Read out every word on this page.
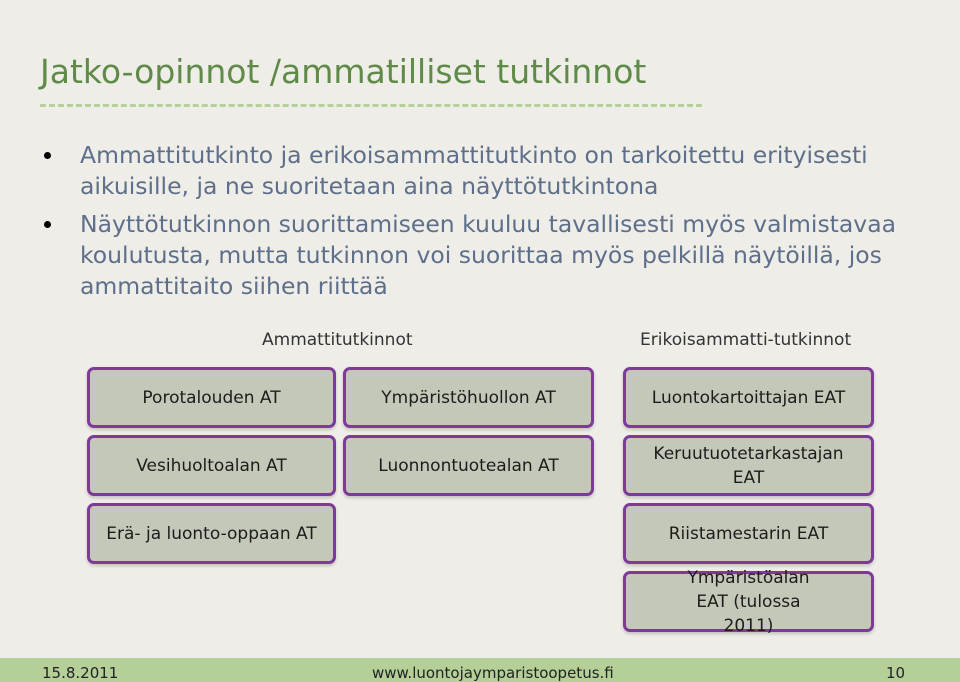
Jatko-opinnot /ammatilliset tutkinnot
Ammattitutkinto ja erikoisammattitutkinto on tarkoitettu erityisesti aikuisille, ja ne suoritetaan aina näyttötutkintona
Näyttötutkinnon suorittamiseen kuuluu tavallisesti myös valmistavaa koulutusta, mutta tutkinnon voi suorittaa myös pelkillä näytöillä, jos ammattitaito siihen riittää
Ammattitutkinnot	Erikoisammatti-tutkinnot
Porotalouden AT	Ympäristöhuollon AT
Vesihuoltoalan AT	Luonnontuotealan AT
Erä- ja luonto-oppaan AT
Luontokartoittajan EAT
Keruutuotetarkastajan EAT
Riistamestarin EAT
Ympäristöalan EAT (tulossa 2011)
15.8.2011	www.luontojaymparistoopetus.fi	10
